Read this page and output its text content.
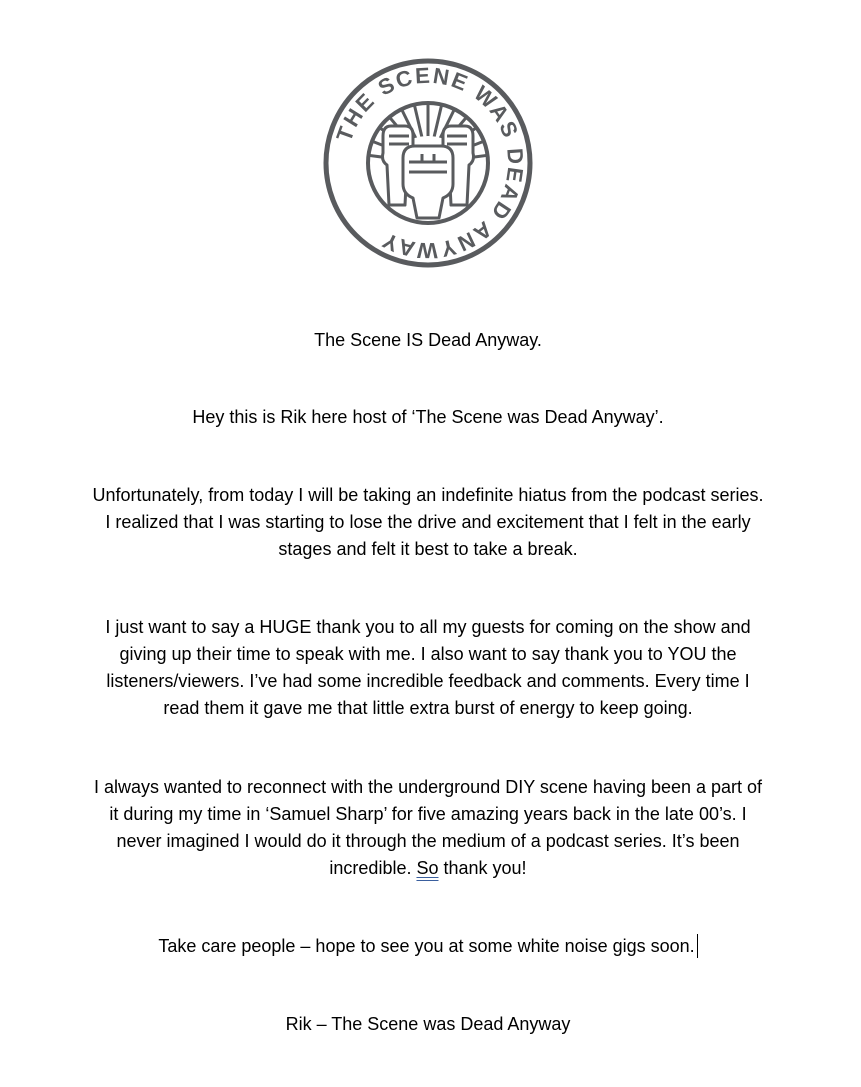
THE SCENE WAS DEAD ANYWAY

The Scene IS Dead Anyway.

Hey this is Rik here host of ‘The Scene was Dead Anyway’.

Unfortunately, from today I will be taking an indefinite hiatus from the podcast series. I realized that I was starting to lose the drive and excitement that I felt in the early stages and felt it best to take a break.

I just want to say a HUGE thank you to all my guests for coming on the show and giving up their time to speak with me. I also want to say thank you to YOU the listeners/viewers. I’ve had some incredible feedback and comments. Every time I read them it gave me that little extra burst of energy to keep going.

I always wanted to reconnect with the underground DIY scene having been a part of it during my time in ‘Samuel Sharp’ for five amazing years back in the late 00’s. I never imagined I would do it through the medium of a podcast series. It’s been incredible. So thank you!

Take care people – hope to see you at some white noise gigs soon.

Rik – The Scene was Dead Anyway
